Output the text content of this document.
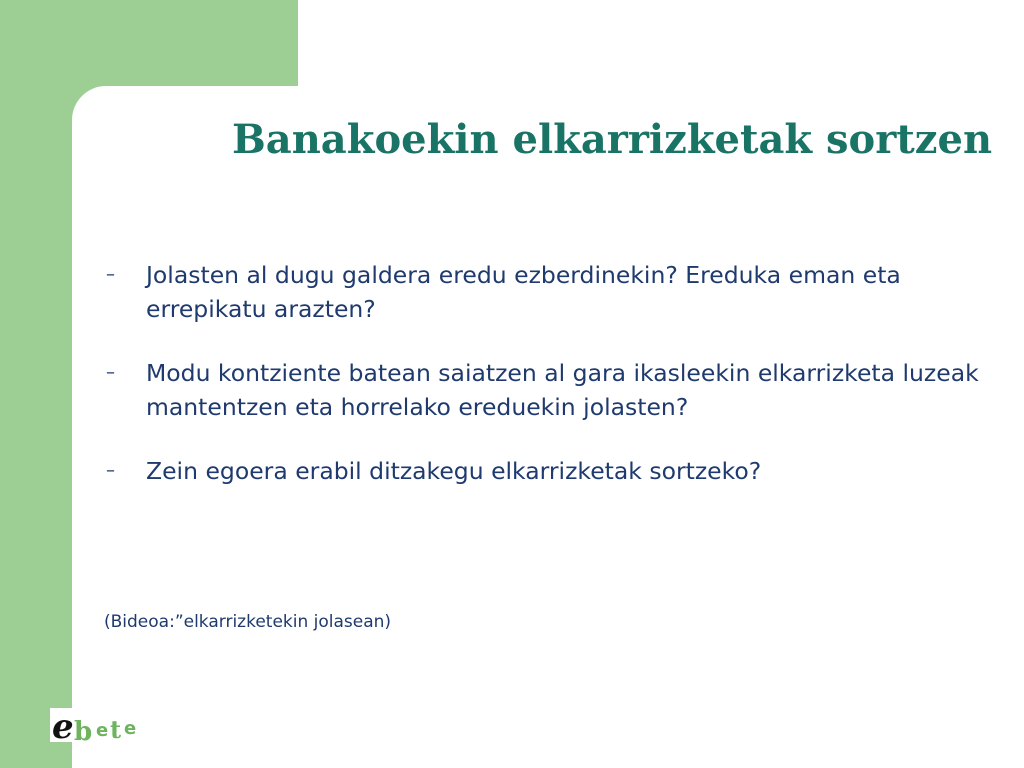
Banakoekin elkarrizketak sortzen
– Jolasten al dugu galdera eredu ezberdinekin? Ereduka eman eta errepikatu arazten?
– Modu kontziente batean saiatzen al gara ikasleekin elkarrizketa luzeak mantentzen eta horrelako ereduekin jolasten?
– Zein egoera erabil ditzakegu elkarrizketak sortzeko?

(Bideoa:”elkarrizketekin jolasean)

e b e t e
